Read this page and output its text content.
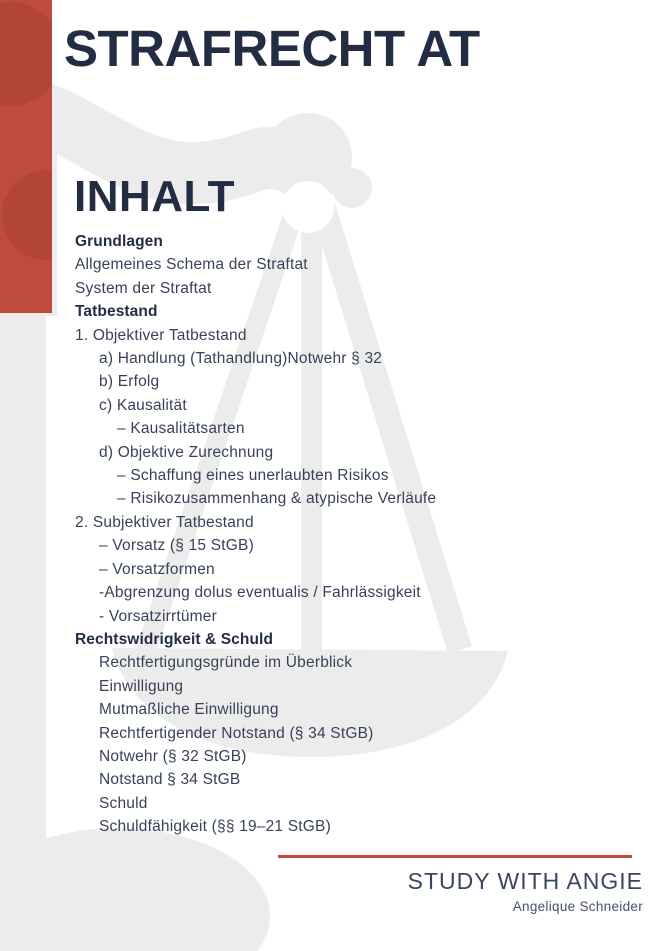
STRAFRECHT AT
INHALT
Grundlagen
Allgemeines Schema der Straftat
System der Straftat
Tatbestand
1. Objektiver Tatbestand
a) Handlung (Tathandlung)Notwehr § 32
b) Erfolg
c) Kausalität
– Kausalitätsarten
d) Objektive Zurechnung
– Schaffung eines unerlaubten Risikos
– Risikozusammenhang & atypische Verläufe
2. Subjektiver Tatbestand
– Vorsatz (§ 15 StGB)
– Vorsatzformen
-Abgrenzung dolus eventualis / Fahrlässigkeit
- Vorsatzirrtümer
Rechtswidrigkeit & Schuld
Rechtfertigungsgründe im Überblick
Einwilligung
Mutmaßliche Einwilligung
Rechtfertigender Notstand (§ 34 StGB)
Notwehr (§ 32 StGB)
Notstand § 34 StGB
Schuld
Schuldfähigkeit (§§ 19–21 StGB)
STUDY WITH ANGIE
Angelique Schneider
